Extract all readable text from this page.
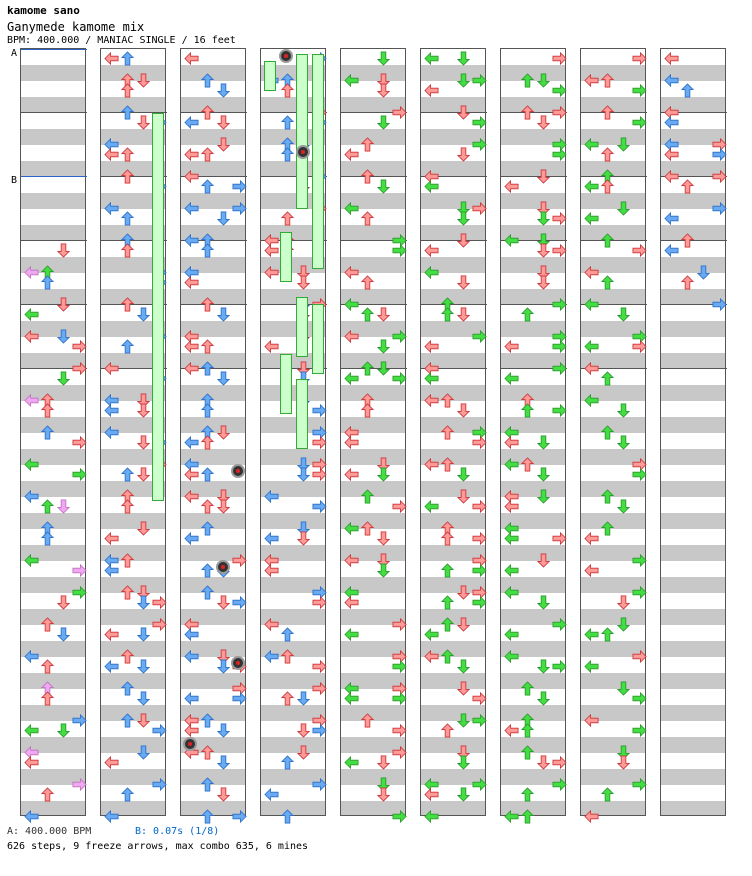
kamome sano
Ganymede kamome mix
BPM: 400.000 / MANIAC SINGLE / 16 feet
A
B
A: 400.000 BPM	B: 0.07s (1/8)
626 steps, 9 freeze arrows, max combo 635, 6 mines
